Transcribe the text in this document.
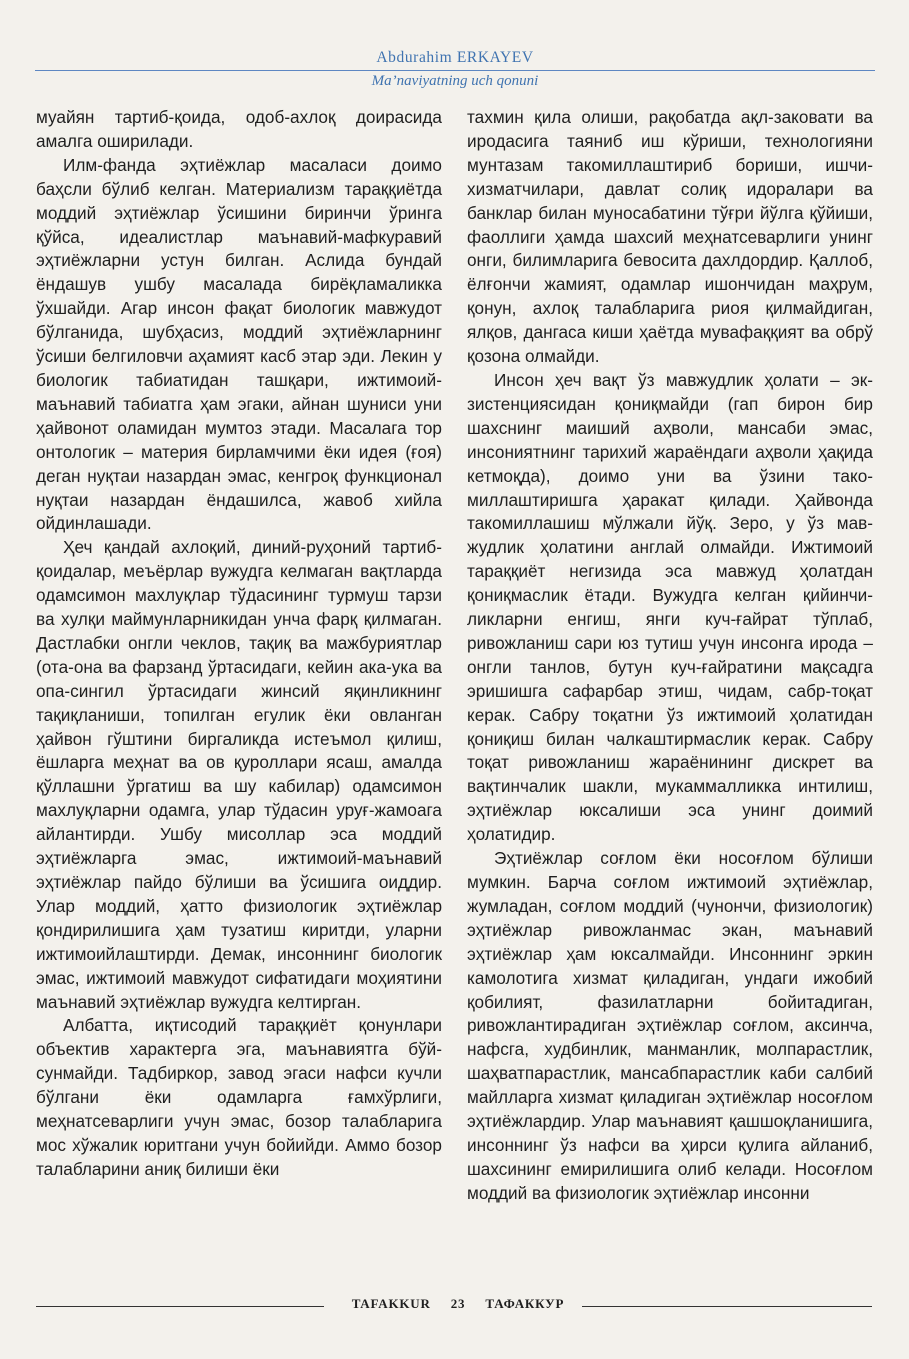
Abdurahim ERKAYEV
Ma’naviyatning uch qonuni

муайян тартиб-қоида, одоб-ахлоқ доирасида амалга оширилади.

Илм-фанда эҳтиёжлар масаласи доимо баҳсли бўлиб келган. Материализм тараққиётда моддий эҳтиёжлар ўсишини биринчи ўринга қўйса, идеалистлар маънавий-мафкуравий эҳтиёжларни устун билган. Аслида бундай ёндашув ушбу масалада бирёқламаликка ўхшайди. Агар инсон фақат биологик мавжудот бўлганида, шубҳасиз, моддий эҳтиёжларнинг ўсиши белгиловчи аҳамият касб этар эди. Лекин у биологик табиатидан ташқари, ижтимоий-маънавий табиатга ҳам эгаки, айнан шуниси уни ҳайвонот оламидан мумтоз этади. Масалага тор онтологик – материя бирламчими ёки идея (ғоя) деган нуқтаи назардан эмас, кенгроқ функционал нуқтаи назардан ёндашилса, жавоб хийла ойдинлашади.

Ҳеч қандай ахлоқий, диний-руҳоний тартиб-қоидалар, меъёрлар вужудга келмаган вақтларда одамсимон махлуқлар тўдасининг турмуш тарзи ва хулқи маймунларникидан унча фарқ қилмаган. Дастлабки онгли чеклов, тақиқ ва мажбуриятлар (ота-она ва фарзанд ўртасидаги, кейин ака-ука ва опа-сингил ўртасидаги жинсий яқинликнинг тақиқланиши, топилган егулик ёки овланган ҳайвон гўштини биргаликда истеъмол қилиш, ёшларга меҳнат ва ов қуроллари ясаш, амалда қўллашни ўргатиш ва шу кабилар) одамсимон махлуқларни одамга, улар тўдасин уруғ-жамоага айлантирди. Ушбу мисоллар эса моддий эҳтиёжларга эмас, ижтимоий-маънавий эҳтиёжлар пайдо бўлиши ва ўсишига оиддир. Улар моддий, ҳатто физиологик эҳтиёжлар қондирилишига ҳам тузатиш киритди, уларни ижтимоийлаштирди. Демак, инсоннинг биологик эмас, ижтимоий мавжудот сифатидаги моҳиятини маънавий эҳтиёжлар вужудга келтирган.

Албатта, иқтисодий тараққиёт қонунлари объектив характерга эга, маънавиятга бўйсунмайди. Тадбиркор, завод эгаси нафси кучли бўлгани ёки одамларга ғамхўрлиги, меҳнатсеварлиги учун эмас, бозор талабларига мос хўжалик юритгани учун бойийди. Аммо бозор талабларини аниқ билиши ёки

тахмин қила олиши, рақобатда ақл-заковати ва иродасига таяниб иш кўриши, технологияни мунтазам такомиллаштириб бориши, ишчи-хизматчилари, давлат солиқ идоралари ва банклар билан муносабатини тўғри йўлга қўйиши, фаоллиги ҳамда шахсий меҳнатсеварлиги унинг онги, билимларига бевосита дахлдордир. Қаллоб, ёлғончи жамият, одамлар ишончидан маҳрум, қонун, ахлоқ талабларига риоя қилмайдиган, ялқов, дангаса киши ҳаётда мувафаққият ва обрў қозона олмайди.

Инсон ҳеч вақт ўз мавжудлик ҳолати – экзистенциясидан қониқмайди (гап бирон бир шахснинг маиший аҳволи, мансаби эмас, инсониятнинг тарихий жараёндаги аҳволи ҳақида кетмоқда), доимо уни ва ўзини такомиллаштиришга ҳаракат қилади. Ҳайвонда такомиллашиш мўлжали йўқ. Зеро, у ўз мавжудлик ҳолатини англай олмайди. Ижтимоий тараққиёт негизида эса мавжуд ҳолатдан қониқмаслик ётади. Вужудга келган қийинчиликларни енгиш, янги куч-ғайрат тўплаб, ривожланиш сари юз тутиш учун инсонга ирода – онгли танлов, бутун куч-ғайратини мақсадга эришишга сафарбар этиш, чидам, сабр-тоқат керак. Сабру тоқатни ўз ижтимоий ҳолатидан қониқиш билан чалкаштирмаслик керак. Сабру тоқат ривожланиш жараёнининг дискрет ва вақтинчалик шакли, мукаммалликка интилиш, эҳтиёжлар юксалиши эса унинг доимий ҳолатидир.

Эҳтиёжлар соғлом ёки носоғлом бўлиши мумкин. Барча соғлом ижтимоий эҳтиёжлар, жумладан, соғлом моддий (чунончи, физиологик) эҳтиёжлар ривожланмас экан, маънавий эҳтиёжлар ҳам юксалмайди. Инсоннинг эркин камолотига хизмат қиладиган, ундаги ижобий қобилият, фазилатларни бойитадиган, ривожлантирадиган эҳтиёжлар соғлом, аксинча, нафсга, худбинлик, манманлик, молпарастлик, шаҳватпарастлик, мансабпарастлик каби салбий майлларга хизмат қиладиган эҳтиёжлар носоғлом эҳтиёжлардир. Улар маънавият қашшоқланишига, инсоннинг ўз нафси ва ҳирси қулига айланиб, шахсининг емирилишига олиб келади. Носоғлом моддий ва физиологик эҳтиёжлар инсонни

TAFAKKUR 23 ТАФАККУР
